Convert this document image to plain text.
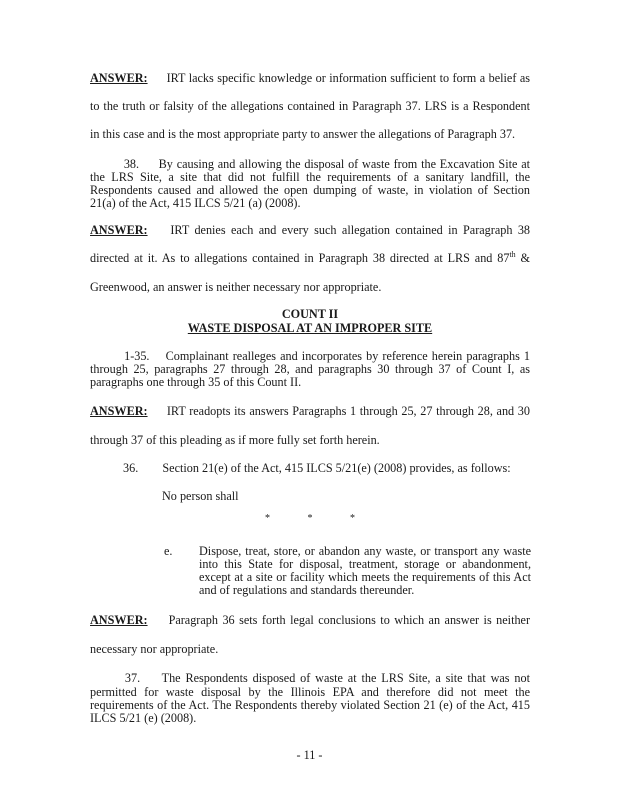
ANSWER: IRT lacks specific knowledge or information sufficient to form a belief as
to the truth or falsity of the allegations contained in Paragraph 37. LRS is a Respondent
in this case and is the most appropriate party to answer the allegations of Paragraph 37.
38. By causing and allowing the disposal of waste from the Excavation Site at
the LRS Site, a site that did not fulfill the requirements of a sanitary landfill, the
Respondents caused and allowed the open dumping of waste, in violation of Section
21(a) of the Act, 415 ILCS 5/21 (a) (2008).
ANSWER: IRT denies each and every such allegation contained in Paragraph 38
directed at it. As to allegations contained in Paragraph 38 directed at LRS and 87th &
Greenwood, an answer is neither necessary nor appropriate.
COUNT II
WASTE DISPOSAL AT AN IMPROPER SITE
1-35. Complainant realleges and incorporates by reference herein paragraphs 1
through 25, paragraphs 27 through 28, and paragraphs 30 through 37 of Count I, as
paragraphs one through 35 of this Count II.
ANSWER: IRT readopts its answers Paragraphs 1 through 25, 27 through 28, and 30
through 37 of this pleading as if more fully set forth herein.
36. Section 21(e) of the Act, 415 ILCS 5/21(e) (2008) provides, as follows:
No person shall
*	*	*
e.	Dispose, treat, store, or abandon any waste, or transport any waste
into this State for disposal, treatment, storage or abandonment,
except at a site or facility which meets the requirements of this Act
and of regulations and standards thereunder.
ANSWER: Paragraph 36 sets forth legal conclusions to which an answer is neither
necessary nor appropriate.
37. The Respondents disposed of waste at the LRS Site, a site that was not
permitted for waste disposal by the Illinois EPA and therefore did not meet the
requirements of the Act. The Respondents thereby violated Section 21 (e) of the Act, 415
ILCS 5/21 (e) (2008).
- 11 -
